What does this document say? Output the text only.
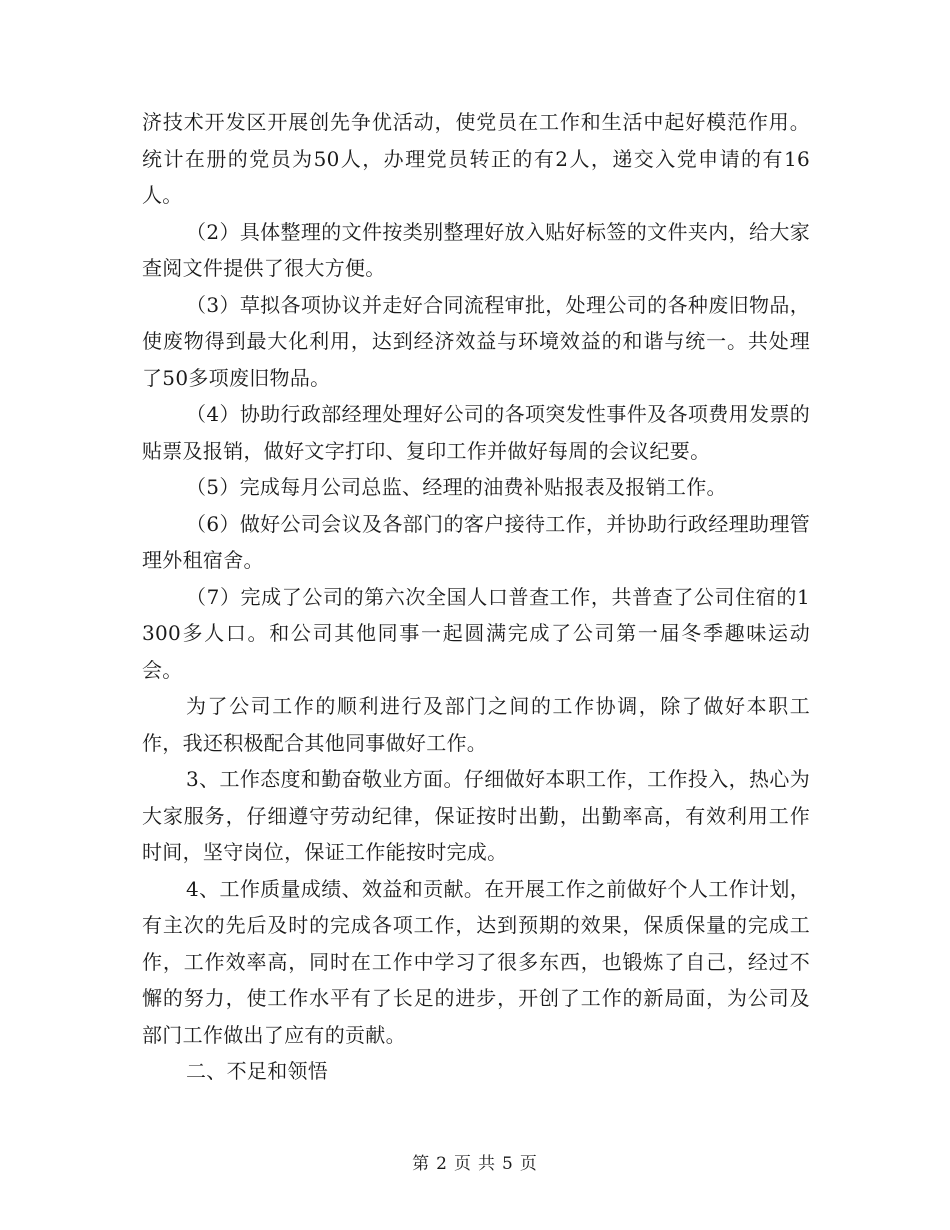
济技术开发区开展创先争优活动，使党员在工作和生活中起好模范作用。统计在册的党员为50人，办理党员转正的有2人，递交入党申请的有16人。

（2）具体整理的文件按类别整理好放入贴好标签的文件夹内，给大家查阅文件提供了很大方便。

（3）草拟各项协议并走好合同流程审批，处理公司的各种废旧物品，使废物得到最大化利用，达到经济效益与环境效益的和谐与统一。共处理了50多项废旧物品。

（4）协助行政部经理处理好公司的各项突发性事件及各项费用发票的贴票及报销，做好文字打印、复印工作并做好每周的会议纪要。

（5）完成每月公司总监、经理的油费补贴报表及报销工作。

（6）做好公司会议及各部门的客户接待工作，并协助行政经理助理管理外租宿舍。

（7）完成了公司的第六次全国人口普查工作，共普查了公司住宿的1300多人口。和公司其他同事一起圆满完成了公司第一届冬季趣味运动会。

为了公司工作的顺利进行及部门之间的工作协调，除了做好本职工作，我还积极配合其他同事做好工作。

3、工作态度和勤奋敬业方面。仔细做好本职工作，工作投入，热心为大家服务，仔细遵守劳动纪律，保证按时出勤，出勤率高，有效利用工作时间，坚守岗位，保证工作能按时完成。

4、工作质量成绩、效益和贡献。在开展工作之前做好个人工作计划，有主次的先后及时的完成各项工作，达到预期的效果，保质保量的完成工作，工作效率高，同时在工作中学习了很多东西，也锻炼了自己，经过不懈的努力，使工作水平有了长足的进步，开创了工作的新局面，为公司及部门工作做出了应有的贡献。

二、不足和领悟

第 2 页 共 5 页
